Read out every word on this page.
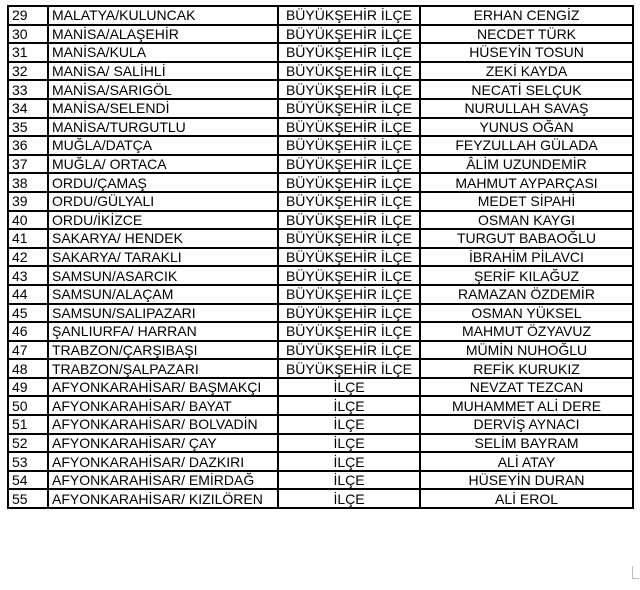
29	MALATYA/KULUNCAK	BÜYÜKŞEHİR İLÇE	ERHAN CENGİZ
30	MANİSA/ALAŞEHİR	BÜYÜKŞEHİR İLÇE	NECDET TÜRK
31	MANİSA/KULA	BÜYÜKŞEHİR İLÇE	HÜSEYİN TOSUN
32	MANİSA/ SALİHLİ	BÜYÜKŞEHİR İLÇE	ZEKİ KAYDA
33	MANİSA/SARIGÖL	BÜYÜKŞEHİR İLÇE	NECATİ SELÇUK
34	MANİSA/SELENDİ	BÜYÜKŞEHİR İLÇE	NURULLAH SAVAŞ
35	MANİSA/TURGUTLU	BÜYÜKŞEHİR İLÇE	YUNUS OĞAN
36	MUĞLA/DATÇA	BÜYÜKŞEHİR İLÇE	FEYZULLAH GÜLADA
37	MUĞLA/ ORTACA	BÜYÜKŞEHİR İLÇE	ÂLİM UZUNDEMİR
38	ORDU/ÇAMAŞ	BÜYÜKŞEHİR İLÇE	MAHMUT AYPARÇASI
39	ORDU/GÜLYALI	BÜYÜKŞEHİR İLÇE	MEDET SİPAHİ
40	ORDU/İKİZCE	BÜYÜKŞEHİR İLÇE	OSMAN KAYGI
41	SAKARYA/ HENDEK	BÜYÜKŞEHİR İLÇE	TURGUT BABAOĞLU
42	SAKARYA/ TARAKLI	BÜYÜKŞEHİR İLÇE	İBRAHİM PİLAVCI
43	SAMSUN/ASARCIK	BÜYÜKŞEHİR İLÇE	ŞERİF KILAĞUZ
44	SAMSUN/ALAÇAM	BÜYÜKŞEHİR İLÇE	RAMAZAN ÖZDEMİR
45	SAMSUN/SALIPAZARI	BÜYÜKŞEHİR İLÇE	OSMAN YÜKSEL
46	ŞANLIURFA/ HARRAN	BÜYÜKŞEHİR İLÇE	MAHMUT ÖZYAVUZ
47	TRABZON/ÇARŞIBAŞI	BÜYÜKŞEHİR İLÇE	MÜMİN NUHOĞLU
48	TRABZON/ŞALPAZARI	BÜYÜKŞEHİR İLÇE	REFİK KURUKIZ
49	AFYONKARAHİSAR/ BAŞMAKÇI	İLÇE	NEVZAT TEZCAN
50	AFYONKARAHİSAR/ BAYAT	İLÇE	MUHAMMET ALİ DERE
51	AFYONKARAHİSAR/ BOLVADİN	İLÇE	DERVİŞ AYNACI
52	AFYONKARAHİSAR/ ÇAY	İLÇE	SELİM BAYRAM
53	AFYONKARAHİSAR/ DAZKIRI	İLÇE	ALİ ATAY
54	AFYONKARAHİSAR/ EMİRDAĞ	İLÇE	HÜSEYİN DURAN
55	AFYONKARAHİSAR/ KIZILÖREN	İLÇE	ALİ EROL
